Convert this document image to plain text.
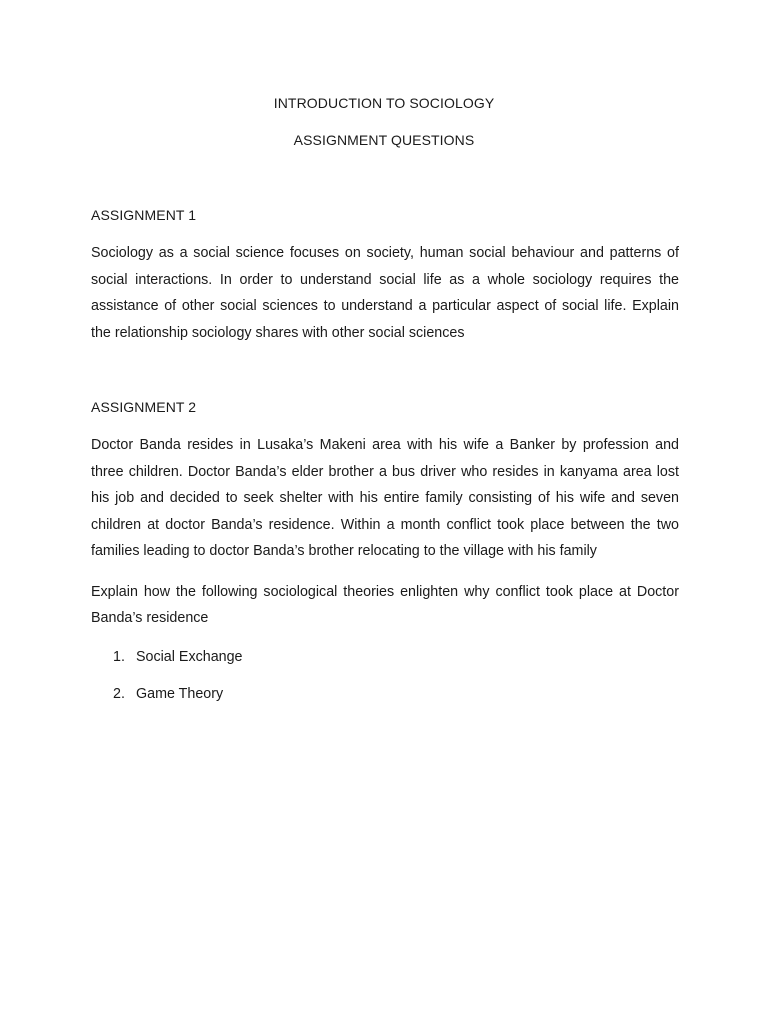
INTRODUCTION TO SOCIOLOGY
ASSIGNMENT QUESTIONS
ASSIGNMENT 1

Sociology as a social science focuses on society, human social behaviour and patterns of social interactions. In order to understand social life as a whole sociology requires the assistance of other social sciences to understand a particular aspect of social life. Explain the relationship sociology shares with other social sciences

ASSIGNMENT 2

Doctor Banda resides in Lusaka’s Makeni area with his wife a Banker by profession and three children. Doctor Banda’s elder brother a bus driver who resides in kanyama area lost his job and decided to seek shelter with his entire family consisting of his wife and seven children at doctor Banda’s residence. Within a month conflict took place between the two families leading to doctor Banda’s brother relocating to the village with his family

Explain how the following sociological theories enlighten why conflict took place at Doctor Banda’s residence

1. Social Exchange
2. Game Theory
